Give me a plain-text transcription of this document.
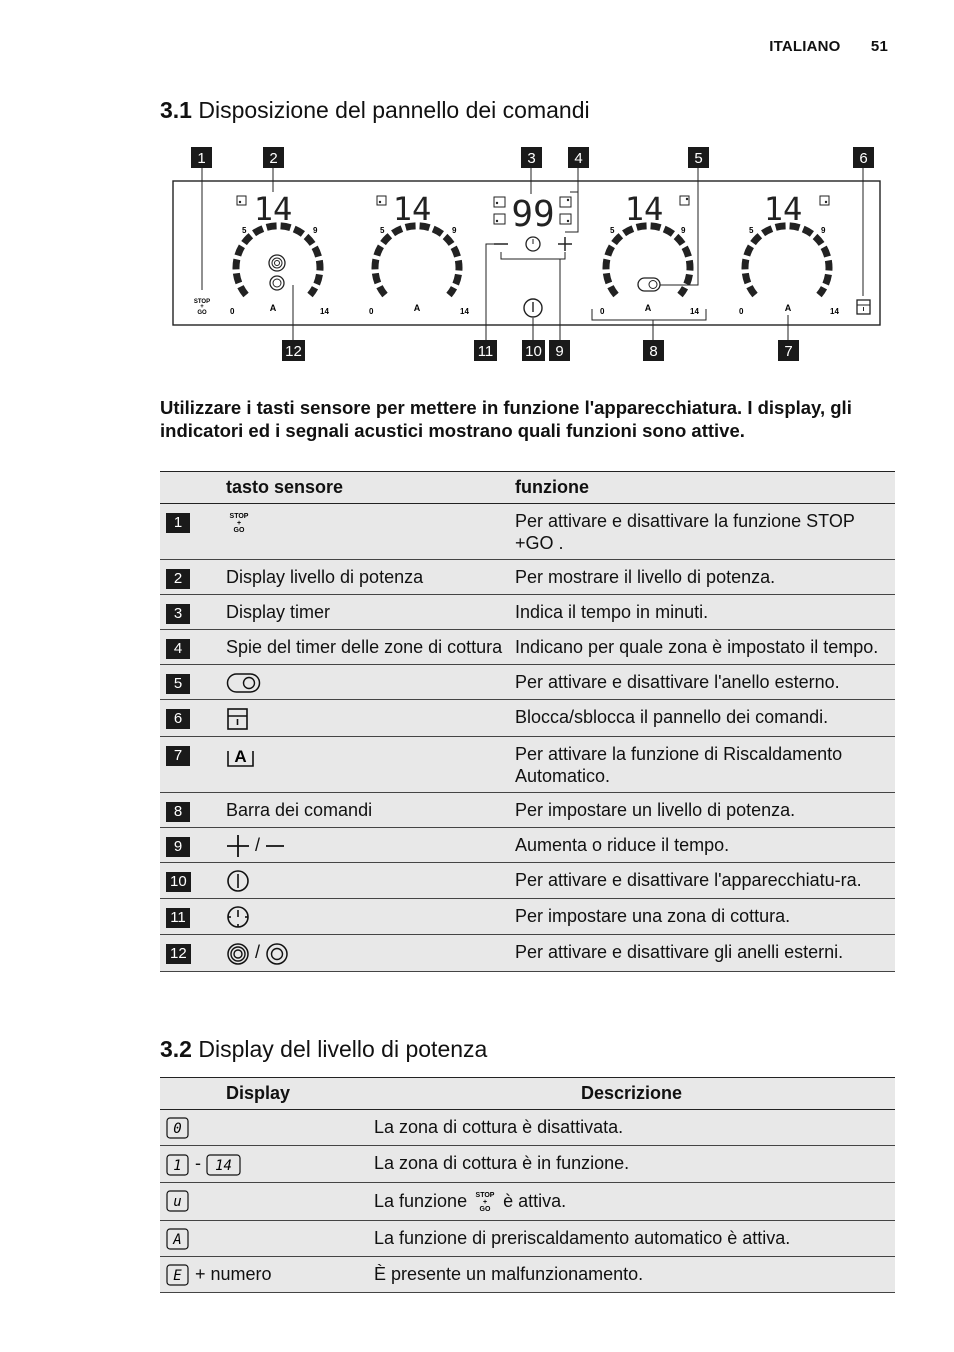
ITALIANO 51
3.1 Disposizione del pannello dei comandi
1	2	3	4	5	6
STOP
+
GO
14
5	9
0	A	14
14
5	9
0	A	14
99 14
5	9
0	A	14
14
5	9
0	A	14
12	11 10 9	8	7
Utilizzare i tasti sensore per mettere in funzione l'apparecchiatura. I display, gli indicatori ed i segnali acustici mostrano quali funzioni sono attive.
	tasto sensore	funzione
1	STOP
+
GO	Per attivare e disattivare la funzione STOP +GO .
2	Display livello di potenza	Per mostrare il livello di potenza.
3	Display timer	Indica il tempo in minuti.
4	Spie del timer delle zone di cottura	Indicano per quale zona è impostato il tempo.
5		Per attivare e disattivare l'anello esterno.
6		Blocca/sblocca il pannello dei comandi.
7	A	Per attivare la funzione di Riscaldamento Automatico.
8	Barra dei comandi	Per impostare un livello di potenza.
9	/	Aumenta o riduce il tempo.
10		Per attivare e disattivare l'apparecchiatu-ra.
11		Per impostare una zona di cottura.
12	/	Per attivare e disattivare gli anelli esterni.
3.2 Display del livello di potenza
Display	Descrizione

0	La zona di cottura è disattivata.

1 - 14	La zona di cottura è in funzione.

u	La funzione STOP
+
GO è attiva.

A	La funzione di preriscaldamento automatico è attiva.

E + numero	È presente un malfunzionamento.
